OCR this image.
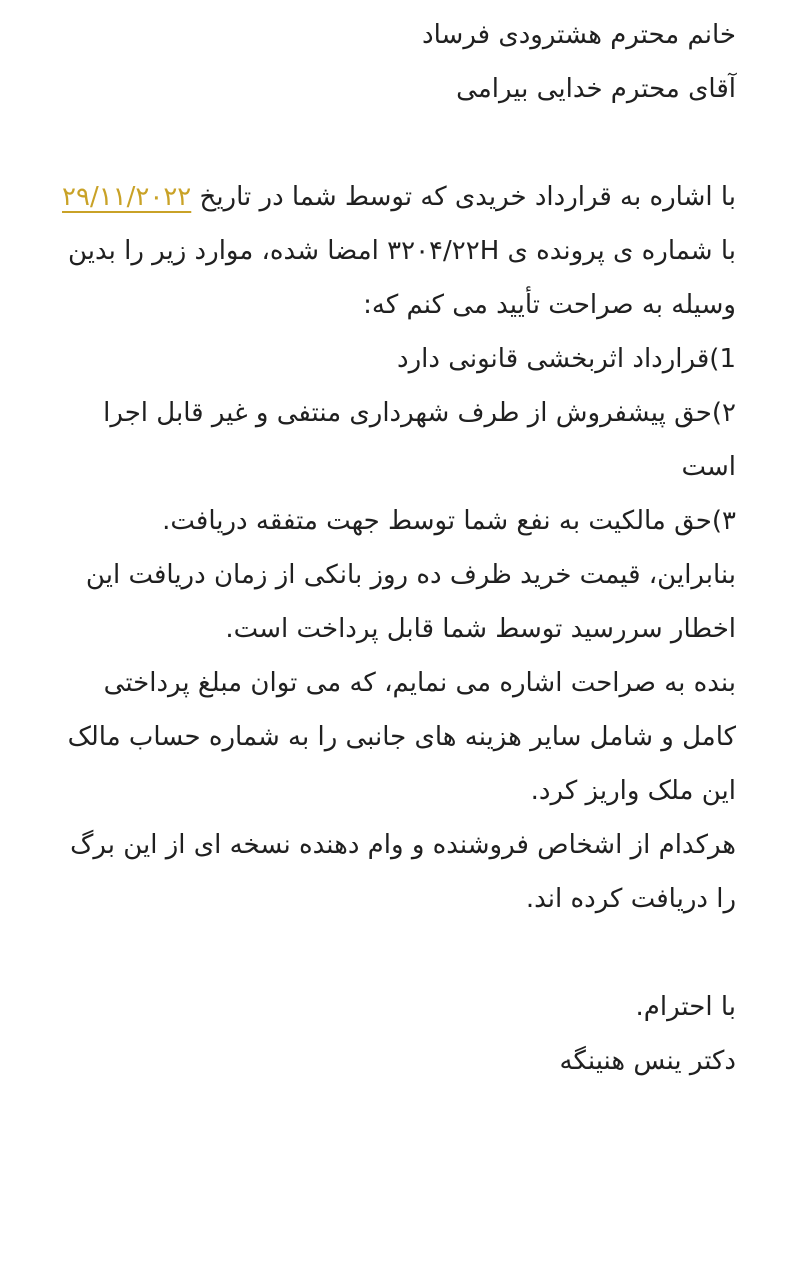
خانم محترم هشترودی فرساد
آقای محترم خدایی بیرامی
با اشاره به قرارداد خریدی که توسط شما در تاریخ ۲۹/۱۱/۲۰۲۲ با شماره ی پرونده ی ۳۲۰۴/۲۲H امضا شده، موارد زیر را بدین وسیله به صراحت تأیید می کنم که:
1)قرارداد اثربخشی قانونی دارد
۲)حق پیشفروش از طرف شهرداری منتفی و غیر قابل اجرا است
۳)حق مالکیت به نفع شما توسط جهت متفقه دریافت.
بنابراین، قیمت خرید ظرف ده روز بانکی از زمان دریافت این اخطار سررسید توسط شما قابل پرداخت است.
بنده به صراحت اشاره می نمایم، که می توان مبلغ پرداختی کامل و شامل سایر هزینه های جانبی را به شماره حساب مالک این ملک واریز کرد.
هرکدام از اشخاص فروشنده و وام دهنده نسخه ای از این برگ را دریافت کرده اند.
با احترام.
دکتر ینس هنینگه
